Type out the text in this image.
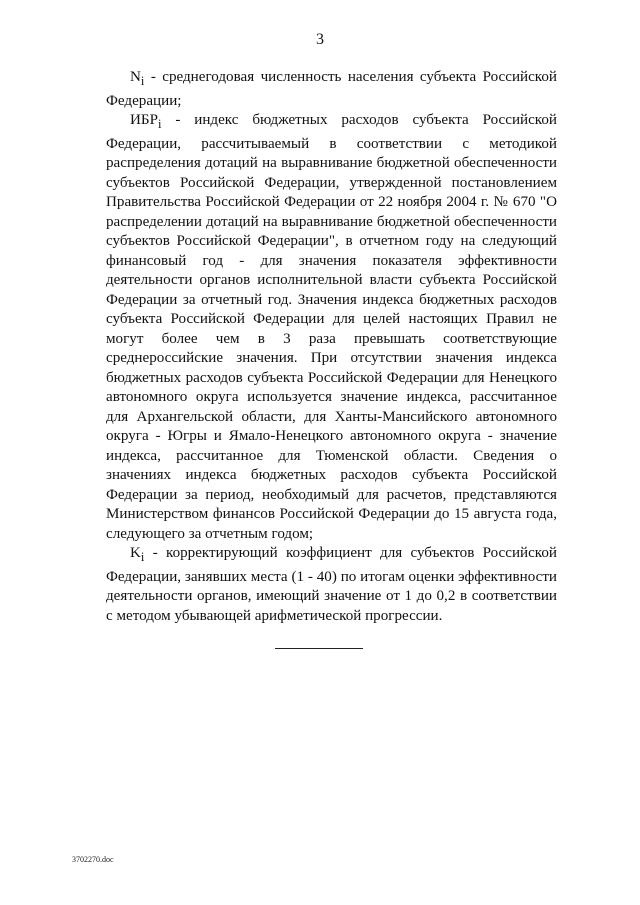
3

$N_i$ - среднегодовая численность населения субъекта Российской Федерации;

$ИБР_i$ - индекс бюджетных расходов субъекта Российской Федерации, рассчитываемый в соответствии с методикой распределения дотаций на выравнивание бюджетной обеспеченности субъектов Российской Федерации, утвержденной постановлением Правительства Российской Федерации от 22 ноября 2004 г. № 670 "О распределении дотаций на выравнивание бюджетной обеспеченности субъектов Российской Федерации", в отчетном году на следующий финансовый год - для значения показателя эффективности деятельности органов исполнительной власти субъекта Российской Федерации за отчетный год. Значения индекса бюджетных расходов субъекта Российской Федерации для целей настоящих Правил не могут более чем в 3 раза превышать соответствующие среднероссийские значения. При отсутствии значения индекса бюджетных расходов субъекта Российской Федерации для Ненецкого автономного округа используется значение индекса, рассчитанное для Архангельской области, для Ханты-Мансийского автономного округа - Югры и Ямало-Ненецкого автономного округа - значение индекса, рассчитанное для Тюменской области. Сведения о значениях индекса бюджетных расходов субъекта Российской Федерации за период, необходимый для расчетов, представляются Министерством финансов Российской Федерации до 15 августа года, следующего за отчетным годом;

$K_i$ - корректирующий коэффициент для субъектов Российской Федерации, занявших места (1 - 40) по итогам оценки эффективности деятельности органов, имеющий значение от 1 до 0,2 в соответствии с методом убывающей арифметической прогрессии.

3702270.doc
